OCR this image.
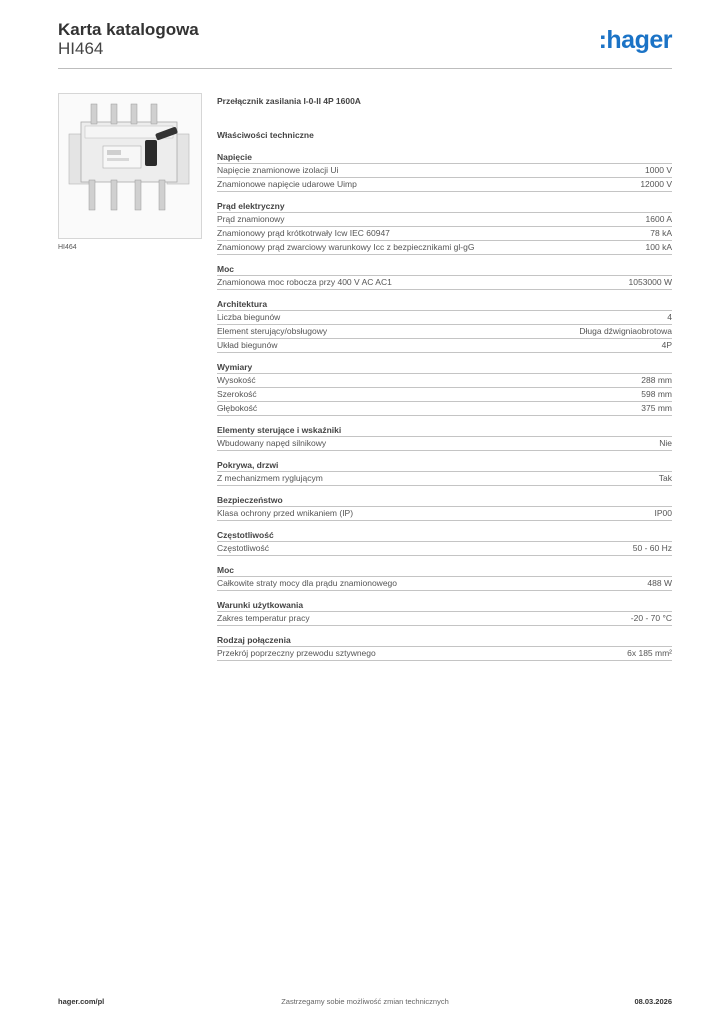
Karta katalogowa
HI464	:hager
HI464
Przełącznik zasilania I-0-II 4P 1600A
Właściwości techniczne
Napięcie
Napięcie znamionowe izolacji Ui	1000 V
Znamionowe napięcie udarowe Uimp	12000 V
Prąd elektryczny
Prąd znamionowy	1600 A
Znamionowy prąd krótkotrwały Icw IEC 60947	78 kA
Znamionowy prąd zwarciowy warunkowy Icc z bezpiecznikami gl-gG	100 kA
Moc
Znamionowa moc robocza przy 400 V AC AC1	1053000 W
Architektura
Liczba biegunów	4
Element sterujący/obsługowy	Długa dźwigniaobrotowa
Układ biegunów	4P
Wymiary
Wysokość	288 mm
Szerokość	598 mm
Głębokość	375 mm
Elementy sterujące i wskaźniki
Wbudowany napęd silnikowy	Nie
Pokrywa, drzwi
Z mechanizmem ryglującym	Tak
Bezpieczeństwo
Klasa ochrony przed wnikaniem (IP)	IP00
Częstotliwość
Częstotliwość	50 - 60 Hz
Moc
Całkowite straty mocy dla prądu znamionowego	488 W
Warunki użytkowania
Zakres temperatur pracy	-20 - 70 °C
Rodzaj połączenia
Przekrój poprzeczny przewodu sztywnego	6x 185 mm²
hager.com/pl	Zastrzegamy sobie możliwość zmian technicznych	08.03.2026
